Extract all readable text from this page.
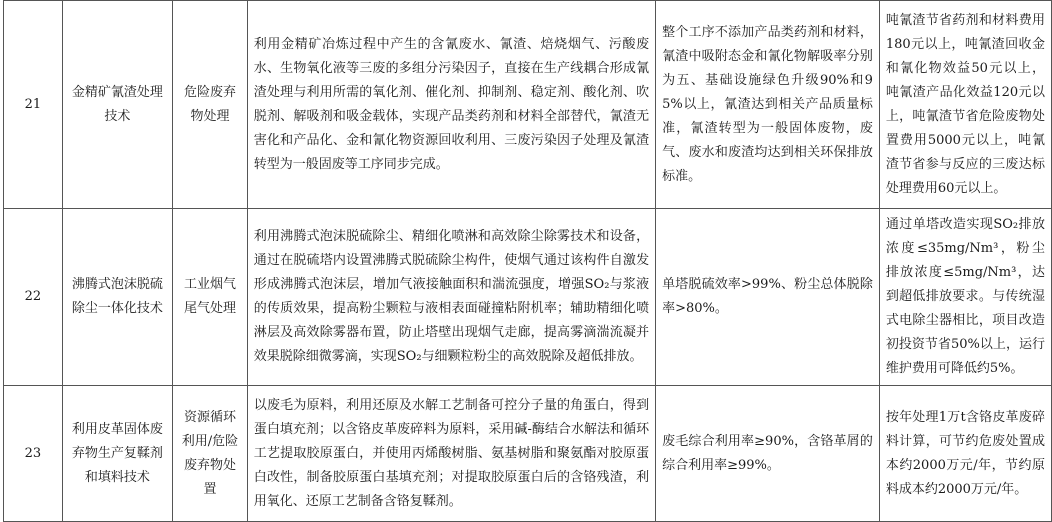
21	金精矿氰渣处理技术	危险废弃物处理	利用金精矿冶炼过程中产生的含氰废水、氰渣、焙烧烟气、污酸废水、生物氧化液等三废的多组分污染因子，直接在生产线耦合形成氰渣处理与利用所需的氧化剂、催化剂、抑制剂、稳定剂、酸化剂、吹脱剂、解吸剂和吸金载体，实现产品类药剂和材料全部替代，氰渣无害化和产品化、金和氰化物资源回收利用、三废污染因子处理及氰渣转型为一般固废等工序同步完成。	整个工序不添加产品类药剂和材料，氰渣中吸附态金和氰化物解吸率分别为五、基础设施绿色升级90%和95%以上，氰渣达到相关产品质量标准，氰渣转型为一般固体废物，废气、废水和废渣均达到相关环保排放标准。	吨氰渣节省药剂和材料费用180元以上，吨氰渣回收金和氰化物效益50元以上，吨氰渣产品化效益120元以上，吨氰渣节省危险废物处置费用5000元以上，吨氰渣节省参与反应的三废达标处理费用60元以上。
22	沸腾式泡沫脱硫除尘一体化技术	工业烟气尾气处理	利用沸腾式泡沫脱硫除尘、精细化喷淋和高效除尘除雾技术和设备，通过在脱硫塔内设置沸腾式脱硫除尘构件，使烟气通过该构件自激发形成沸腾式泡沫层，增加气液接触面积和湍流强度，增强SO₂与浆液的传质效果，提高粉尘颗粒与液相表面碰撞粘附机率；辅助精细化喷淋层及高效除雾器布置，防止塔壁出现烟气走廊，提高雾滴湍流凝并效果脱除细微雾滴，实现SO₂与细颗粒粉尘的高效脱除及超低排放。	单塔脱硫效率>99%、粉尘总体脱除率>80%。	通过单塔改造实现SO₂排放浓度≤35mg/Nm³，粉尘排放浓度≤5mg/Nm³，达到超低排放要求。与传统湿式电除尘器相比，项目改造初投资节省50%以上，运行维护费用可降低约5%。
23	利用皮革固体废弃物生产复鞣剂和填料技术	资源循环利用/危险废弃物处置	以废毛为原料，利用还原及水解工艺制备可控分子量的角蛋白，得到蛋白填充剂；以含铬皮革废碎料为原料，采用碱-酶结合水解法和循环工艺提取胶原蛋白，并使用丙烯酸树脂、氨基树脂和聚氨酯对胶原蛋白改性，制备胶原蛋白基填充剂；对提取胶原蛋白后的含铬残渣，利用氧化、还原工艺制备含铬复鞣剂。	废毛综合利用率≥90%，含铬革屑的综合利用率≥99%。	按年处理1万t含铬皮革废碎料计算，可节约危废处置成本约2000万元/年，节约原料成本约2000万元/年。
